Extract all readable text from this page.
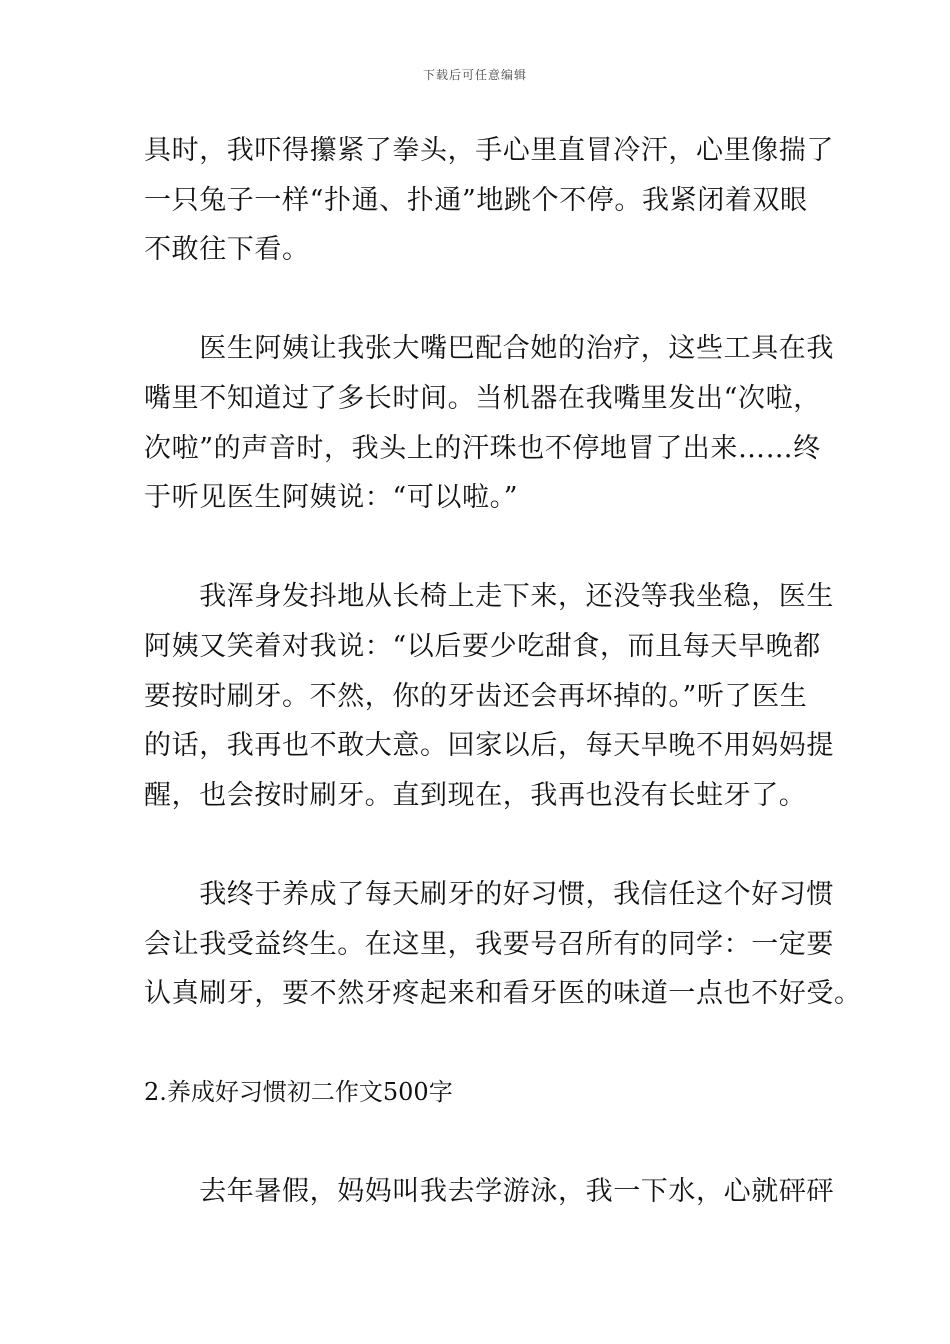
下载后可任意编辑
具时，我吓得攥紧了拳头，手心里直冒冷汗，心里像揣了
一只兔子一样“扑通、扑通”地跳个不停。我紧闭着双眼
不敢往下看。
　　医生阿姨让我张大嘴巴配合她的治疗，这些工具在我
嘴里不知道过了多长时间。当机器在我嘴里发出“次啦，
次啦”的声音时，我头上的汗珠也不停地冒了出来……终
于听见医生阿姨说：“可以啦。”
　　我浑身发抖地从长椅上走下来，还没等我坐稳，医生
阿姨又笑着对我说：“以后要少吃甜食，而且每天早晚都
要按时刷牙。不然，你的牙齿还会再坏掉的。”听了医生
的话，我再也不敢大意。回家以后，每天早晚不用妈妈提
醒，也会按时刷牙。直到现在，我再也没有长蛀牙了。
　　我终于养成了每天刷牙的好习惯，我信任这个好习惯
会让我受益终生。在这里，我要号召所有的同学：一定要
认真刷牙，要不然牙疼起来和看牙医的味道一点也不好受。
2.养成好习惯初二作文500字
　　去年暑假，妈妈叫我去学游泳，我一下水，心就砰砰
